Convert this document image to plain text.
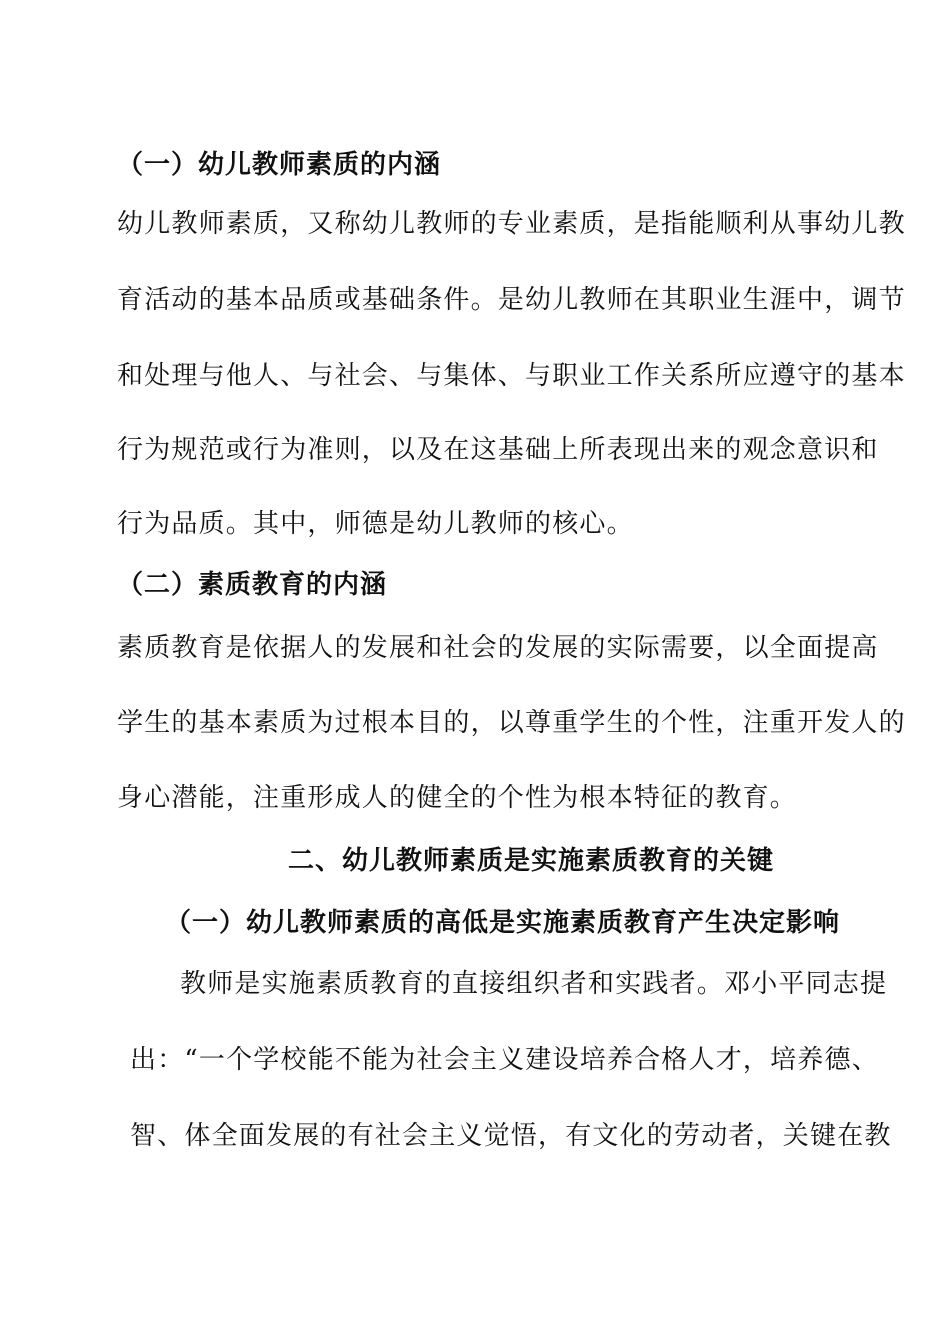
（一）幼儿教师素质的内涵
幼儿教师素质，又称幼儿教师的专业素质，是指能顺利从事幼儿教
育活动的基本品质或基础条件。是幼儿教师在其职业生涯中，调节
和处理与他人、与社会、与集体、与职业工作关系所应遵守的基本
行为规范或行为准则，以及在这基础上所表现出来的观念意识和
行为品质。其中，师德是幼儿教师的核心。
（二）素质教育的内涵
素质教育是依据人的发展和社会的发展的实际需要，以全面提高
学生的基本素质为过根本目的，以尊重学生的个性，注重开发人的
身心潜能，注重形成人的健全的个性为根本特征的教育。
二、幼儿教师素质是实施素质教育的关键
（一）幼儿教师素质的高低是实施素质教育产生决定影响
教师是实施素质教育的直接组织者和实践者。邓小平同志提
出：“一个学校能不能为社会主义建设培养合格人才，培养德、
智、体全面发展的有社会主义觉悟，有文化的劳动者，关键在教
